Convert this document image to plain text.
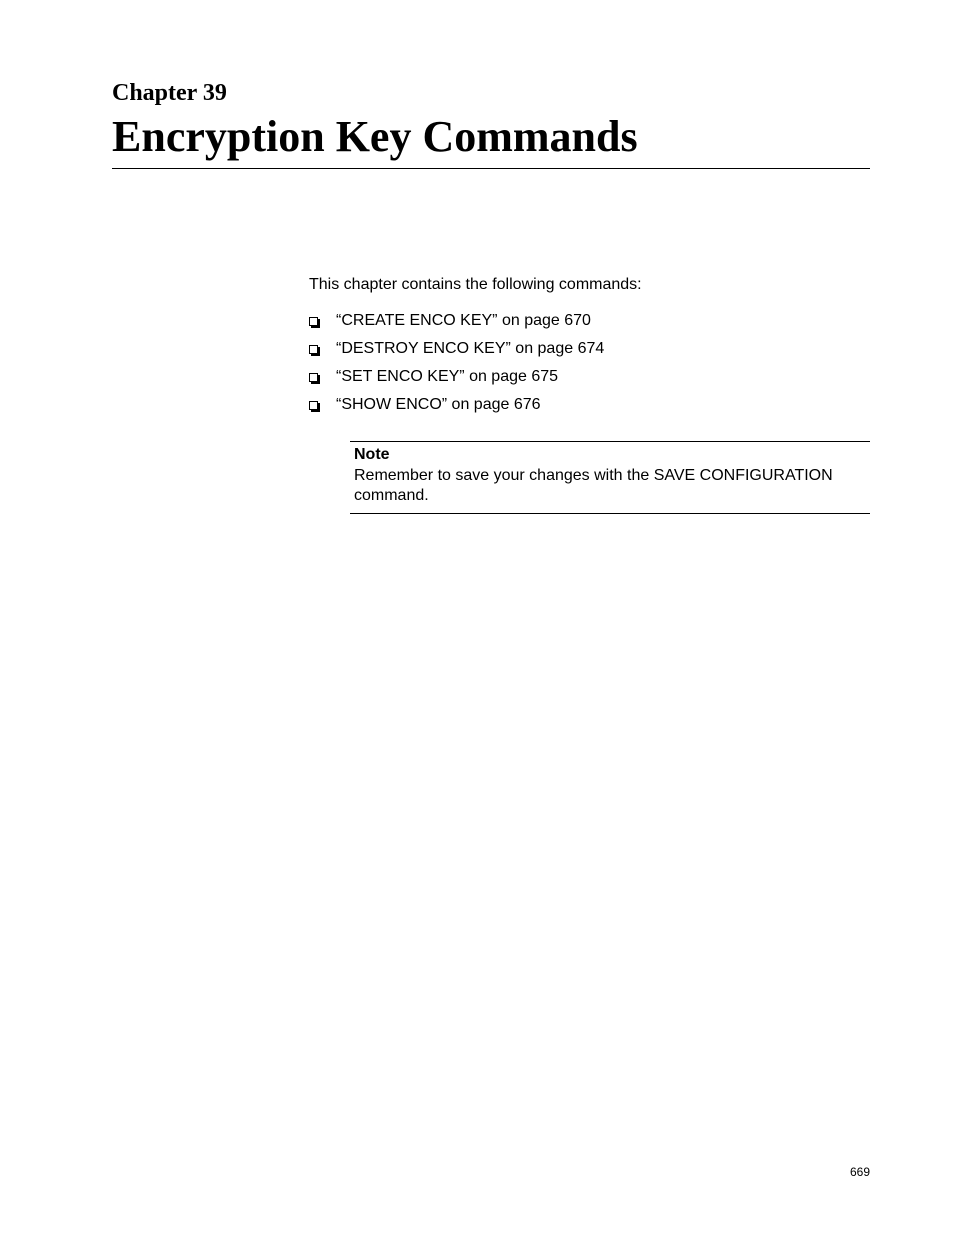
Chapter 39
Encryption Key Commands

This chapter contains the following commands:

“CREATE ENCO KEY” on page 670
“DESTROY ENCO KEY” on page 674
“SET ENCO KEY” on page 675
“SHOW ENCO” on page 676
Note
Remember to save your changes with the SAVE CONFIGURATION command.
669
